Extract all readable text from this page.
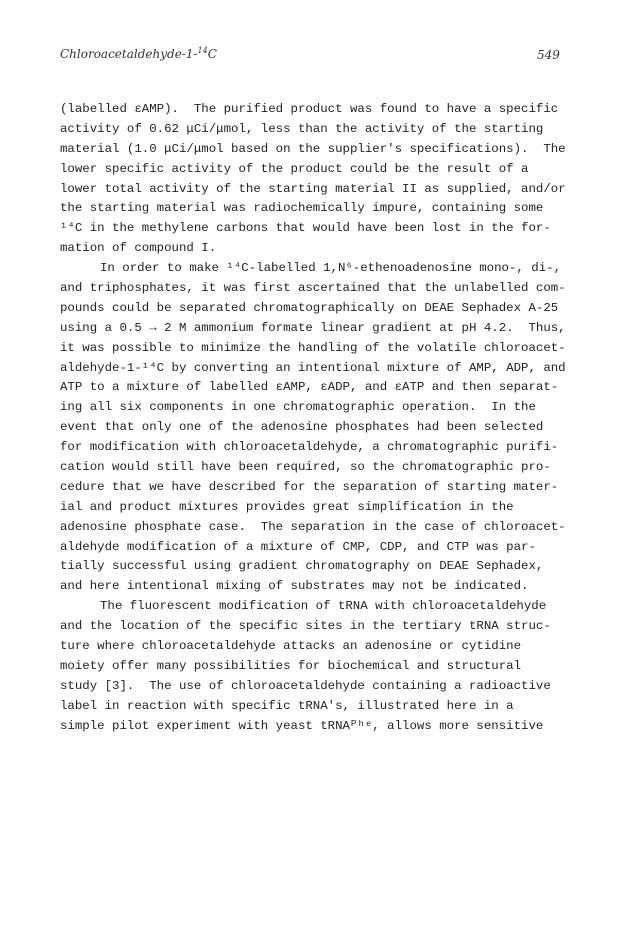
Chloroacetaldehyde-1-$^{14}$C	549
(labelled εAMP).  The purified product was found to have a specific
activity of 0.62 μCi/μmol, less than the activity of the starting
material (1.0 μCi/μmol based on the supplier's specifications).  The
lower specific activity of the product could be the result of a
lower total activity of the starting material II as supplied, and/or
the starting material was radiochemically impure, containing some
¹⁴C in the methylene carbons that would have been lost in the for-
mation of compound I.
In order to make ¹⁴C-labelled 1,N⁶-ethenoadenosine mono-, di-,
and triphosphates, it was first ascertained that the unlabelled com-
pounds could be separated chromatographically on DEAE Sephadex A-25
using a 0.5 → 2 M ammonium formate linear gradient at pH 4.2.  Thus,
it was possible to minimize the handling of the volatile chloroacet-
aldehyde-1-¹⁴C by converting an intentional mixture of AMP, ADP, and
ATP to a mixture of labelled εAMP, εADP, and εATP and then separat-
ing all six components in one chromatographic operation.  In the
event that only one of the adenosine phosphates had been selected
for modification with chloroacetaldehyde, a chromatographic purifi-
cation would still have been required, so the chromatographic pro-
cedure that we have described for the separation of starting mater-
ial and product mixtures provides great simplification in the
adenosine phosphate case.  The separation in the case of chloroacet-
aldehyde modification of a mixture of CMP, CDP, and CTP was par-
tially successful using gradient chromatography on DEAE Sephadex,
and here intentional mixing of substrates may not be indicated.
The fluorescent modification of tRNA with chloroacetaldehyde
and the location of the specific sites in the tertiary tRNA struc-
ture where chloroacetaldehyde attacks an adenosine or cytidine
moiety offer many possibilities for biochemical and structural
study [3].  The use of chloroacetaldehyde containing a radioactive
label in reaction with specific tRNA's, illustrated here in a
simple pilot experiment with yeast tRNAᴾʰᵉ, allows more sensitive
